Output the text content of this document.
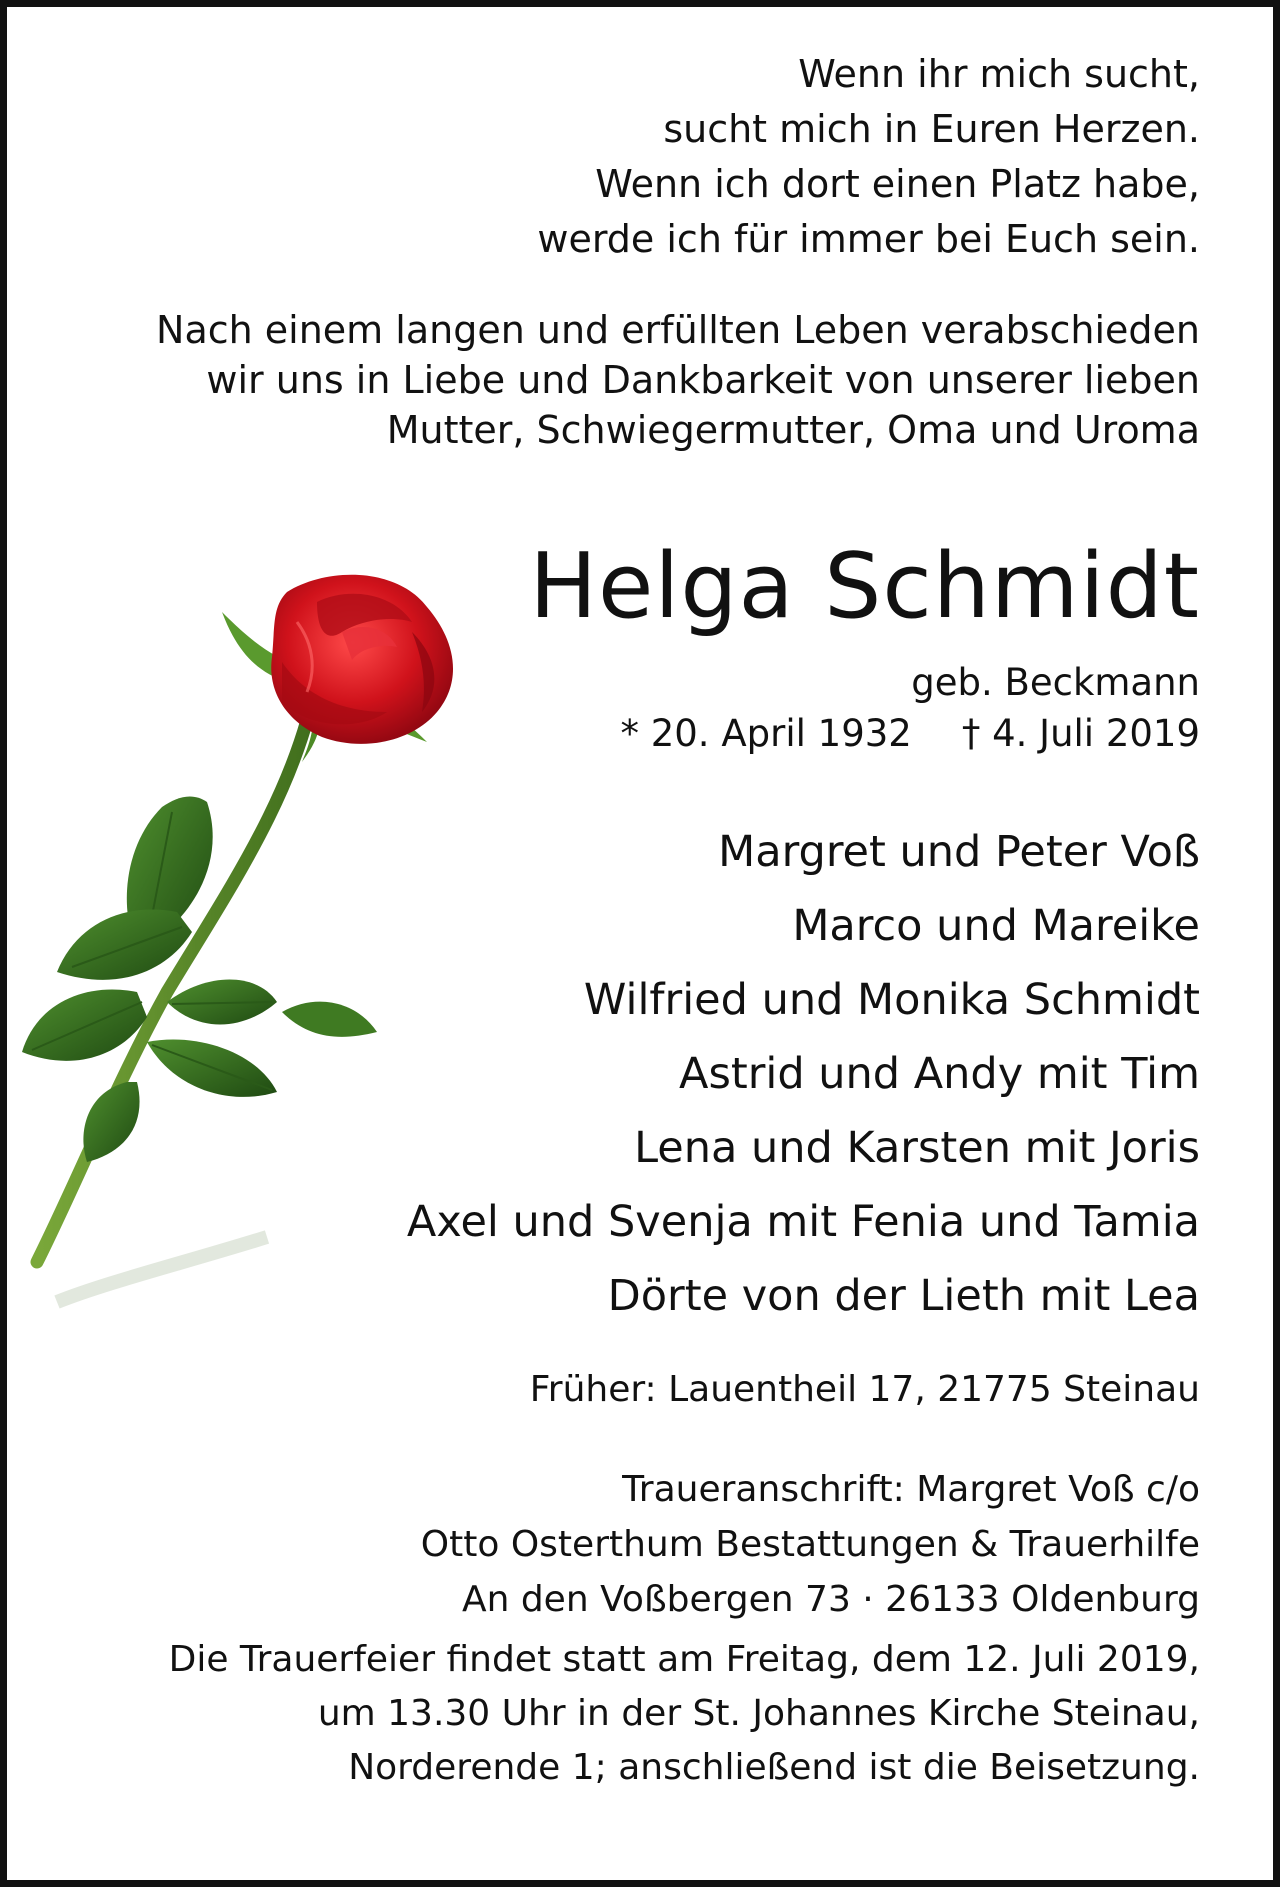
Wenn ihr mich sucht,
sucht mich in Euren Herzen.
Wenn ich dort einen Platz habe,
werde ich für immer bei Euch sein.
Nach einem langen und erfüllten Leben verabschieden
wir uns in Liebe und Dankbarkeit von unserer lieben
Mutter, Schwiegermutter, Oma und Uroma
Helga Schmidt
geb. Beckmann
* 20. April 1932 † 4. Juli 2019
Margret und Peter Voß
Marco und Mareike
Wilfried und Monika Schmidt
Astrid und Andy mit Tim
Lena und Karsten mit Joris
Axel und Svenja mit Fenia und Tamia
Dörte von der Lieth mit Lea
Früher: Lauentheil 17, 21775 Steinau
Traueranschrift: Margret Voß c/o
Otto Osterthum Bestattungen & Trauerhilfe
An den Voßbergen 73 · 26133 Oldenburg
Die Trauerfeier findet statt am Freitag, dem 12. Juli 2019,
um 13.30 Uhr in der St. Johannes Kirche Steinau,
Norderende 1; anschließend ist die Beisetzung.
